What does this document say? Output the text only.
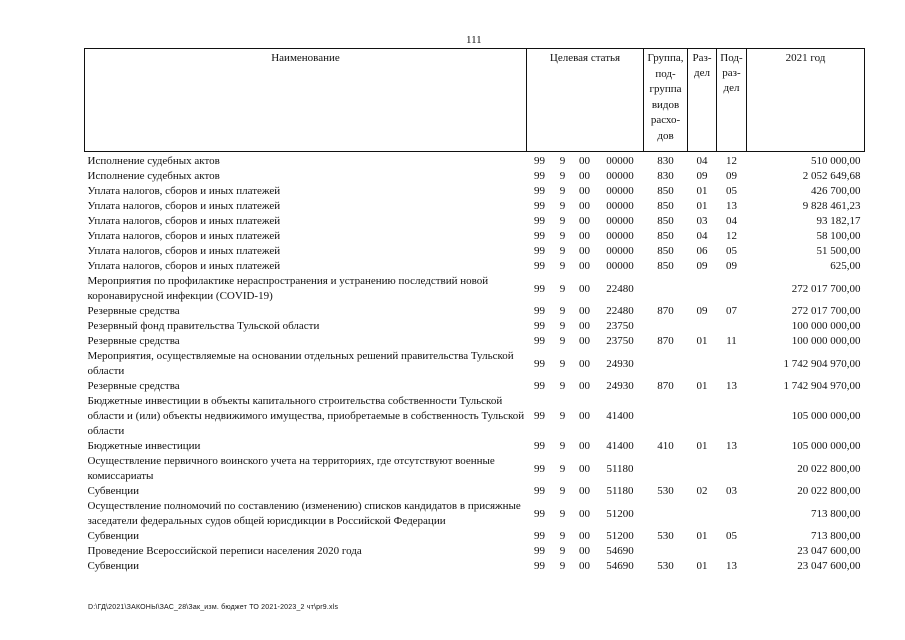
111
Наименование	Целевая статья				Группа, под-группа видов расхо-дов	Раз-дел	Под-раз-дел	2021 год
Исполнение судебных актов	99	9	00	00000	830	04	12	510 000,00
Исполнение судебных актов	99	9	00	00000	830	09	09	2 052 649,68
Уплата налогов, сборов и иных платежей	99	9	00	00000	850	01	05	426 700,00
Уплата налогов, сборов и иных платежей	99	9	00	00000	850	01	13	9 828 461,23
Уплата налогов, сборов и иных платежей	99	9	00	00000	850	03	04	93 182,17
Уплата налогов, сборов и иных платежей	99	9	00	00000	850	04	12	58 100,00
Уплата налогов, сборов и иных платежей	99	9	00	00000	850	06	05	51 500,00
Уплата налогов, сборов и иных платежей	99	9	00	00000	850	09	09	625,00
Мероприятия по профилактике нераспространения и устранению последствий новой коронавирусной инфекции (COVID-19)	99	9	00	22480				272 017 700,00
Резервные средства	99	9	00	22480	870	09	07	272 017 700,00
Резервный фонд правительства Тульской области	99	9	00	23750				100 000 000,00
Резервные средства	99	9	00	23750	870	01	11	100 000 000,00
Мероприятия, осуществляемые на основании отдельных решений правительства Тульской области	99	9	00	24930				1 742 904 970,00
Резервные средства	99	9	00	24930	870	01	13	1 742 904 970,00
Бюджетные инвестиции в объекты капитального строительства собственности Тульской области и (или) объекты недвижимого имущества, приобретаемые в собственность Тульской области	99	9	00	41400				105 000 000,00
Бюджетные инвестиции	99	9	00	41400	410	01	13	105 000 000,00
Осуществление первичного воинского учета на территориях, где отсутствуют военные комиссариаты	99	9	00	51180				20 022 800,00
Субвенции	99	9	00	51180	530	02	03	20 022 800,00
Осуществление полномочий по составлению (изменению) списков кандидатов в присяжные заседатели федеральных судов общей юрисдикции в Российской Федерации	99	9	00	51200				713 800,00
Субвенции	99	9	00	51200	530	01	05	713 800,00
Проведение Всероссийской переписи населения 2020 года	99	9	00	54690				23 047 600,00
Субвенции	99	9	00	54690	530	01	13	23 047 600,00
D:\ГД\2021\ЗАКОНЫ\ЗАС_28\Зак_изм. бюджет ТО 2021-2023_2 чт\pr9.xls
